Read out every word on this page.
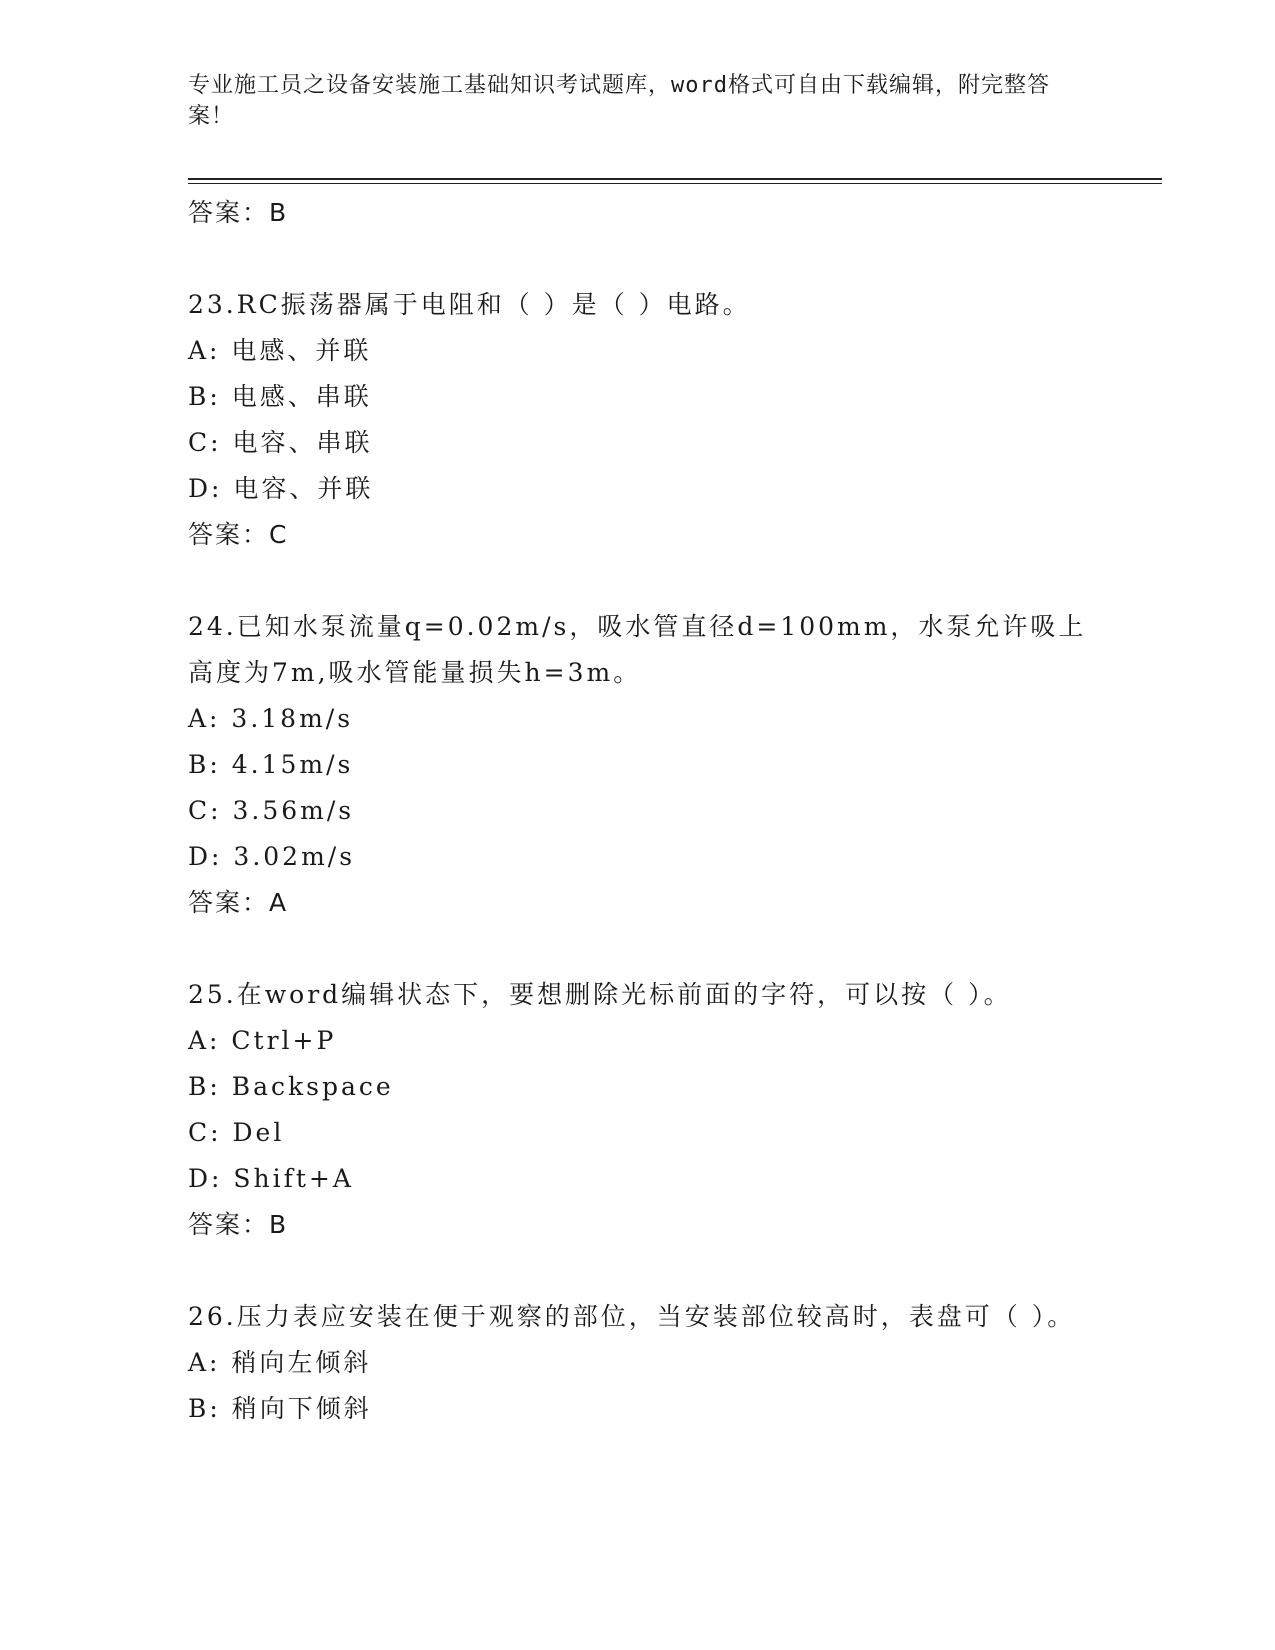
专业施工员之设备安装施工基础知识考试题库，word格式可自由下载编辑，附完整答案！
答案：B
23.RC振荡器属于电阻和（ ）是（ ）电路。
A: 电感、并联
B: 电感、串联
C: 电容、串联
D: 电容、并联
答案：C
24.已知水泵流量q=0.02m/s，吸水管直径d=100mm，水泵允许吸上高度为7m,吸水管能量损失h=3m。
A: 3.18m/s
B: 4.15m/s
C: 3.56m/s
D: 3.02m/s
答案：A
25.在word编辑状态下，要想删除光标前面的字符，可以按（ ）。
A: Ctrl+P
B: Backspace
C: Del
D: Shift+A
答案：B
26.压力表应安装在便于观察的部位，当安装部位较高时，表盘可（ ）。
A: 稍向左倾斜
B: 稍向下倾斜
